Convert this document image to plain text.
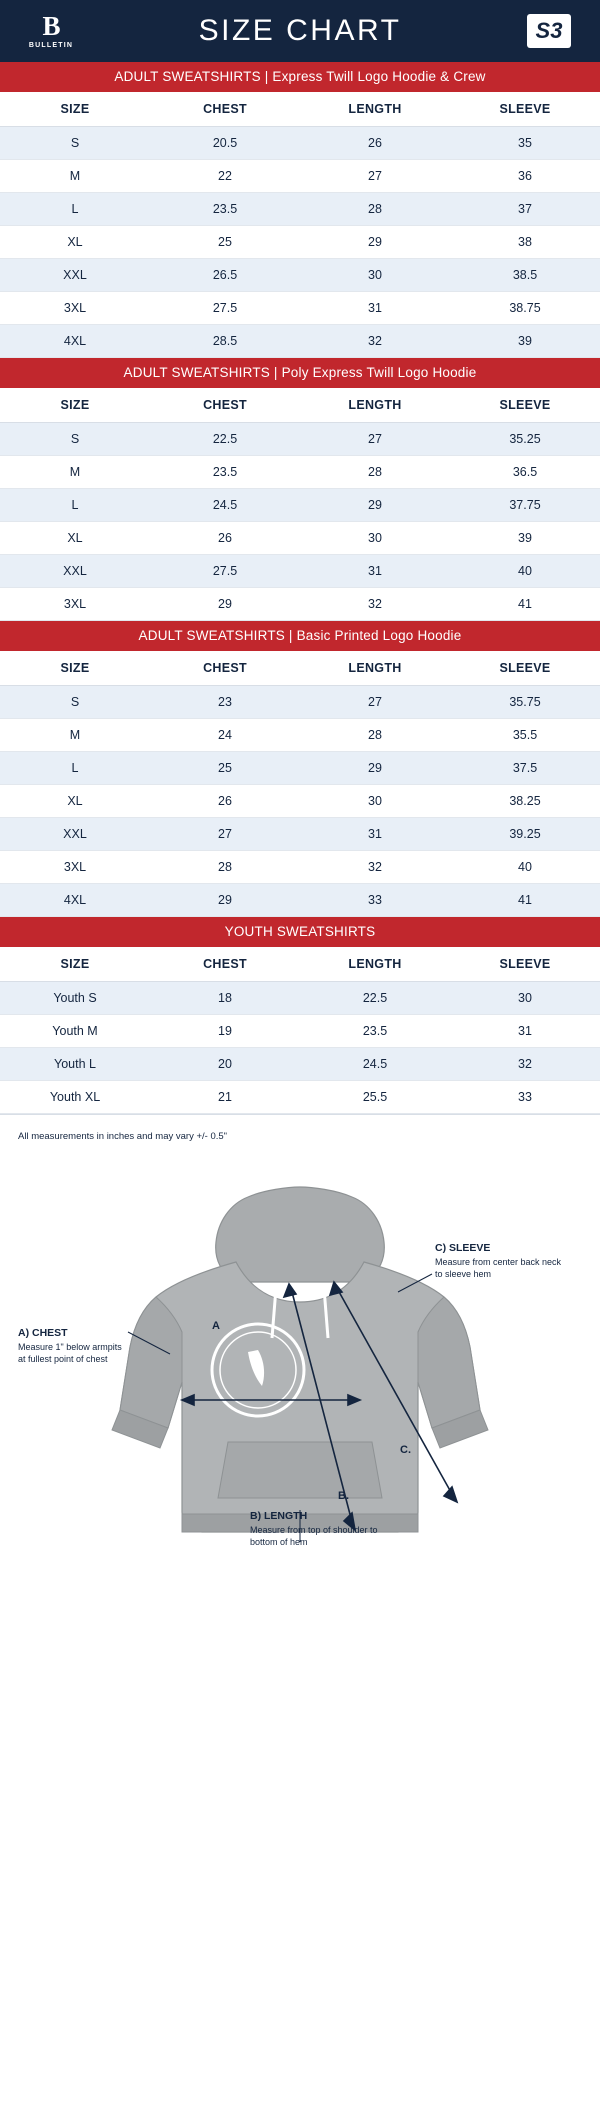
B
BULLETIN	SIZE CHART	S3
ADULT SWEATSHIRTS | Express Twill Logo Hoodie & Crew
SIZE	CHEST	LENGTH	SLEEVE
S	20.5	26	35
M	22	27	36
L	23.5	28	37
XL	25	29	38
XXL	26.5	30	38.5
3XL	27.5	31	38.75
4XL	28.5	32	39
ADULT SWEATSHIRTS | Poly Express Twill Logo Hoodie
SIZE	CHEST	LENGTH	SLEEVE
S	22.5	27	35.25
M	23.5	28	36.5
L	24.5	29	37.75
XL	26	30	39
XXL	27.5	31	40
3XL	29	32	41
ADULT SWEATSHIRTS | Basic Printed Logo Hoodie
SIZE	CHEST	LENGTH	SLEEVE
S	23	27	35.75
M	24	28	35.5
L	25	29	37.5
XL	26	30	38.25
XXL	27	31	39.25
3XL	28	32	40
4XL	29	33	41
YOUTH SWEATSHIRTS
SIZE	CHEST	LENGTH	SLEEVE
Youth S	18	22.5	30
Youth M	19	23.5	31
Youth L	20	24.5	32
Youth XL	21	25.5	33
All measurements in inches and may vary +/- 0.5"
A
B.
C.
A) CHEST
Measure 1" below armpits at fullest point of chest
C) SLEEVE
Measure from center back neck to sleeve hem
B) LENGTH
Measure from top of shoulder to bottom of hem
